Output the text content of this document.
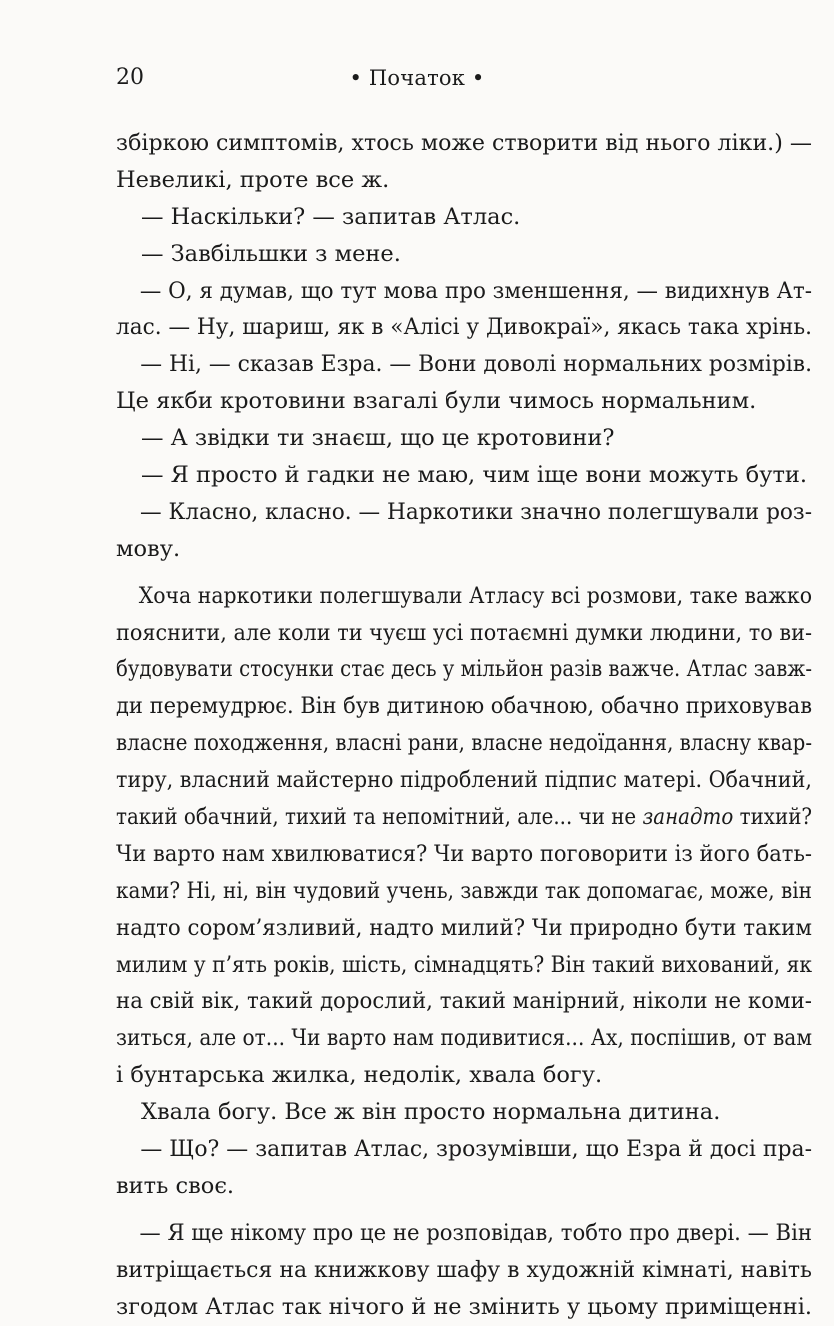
20	• Початок •
збіркою симптомів, хтось може створити від нього ліки.) —
Невеликі, проте все ж.
— Наскільки? — запитав Атлас.
— Завбільшки з мене.
— О, я думав, що тут мова про зменшення, — видихнув Ат-
лас. — Ну, шариш, як в «Алісі у Дивокраї», якась така хрінь.
— Ні, — сказав Езра. — Вони доволі нормальних розмірів.
Це якби кротовини взагалі були чимось нормальним.
— А звідки ти знаєш, що це кротовини?
— Я просто й гадки не маю, чим іще вони можуть бути.
— Класно, класно. — Наркотики значно полегшували роз-
мову.
Хоча наркотики полегшували Атласу всі розмови, таке важко
пояснити, але коли ти чуєш усі потаємні думки людини, то ви-
будовувати стосунки стає десь у мільйон разів важче. Атлас завж-
ди перемудрює. Він був дитиною обачною, обачно приховував
власне походження, власні рани, власне недоїдання, власну квар-
тиру, власний майстерно підроблений підпис матері. Обачний,
такий обачний, тихий та непомітний, але... чи не занадто тихий?
Чи варто нам хвилюватися? Чи варто поговорити із його бать-
ками? Ні, ні, він чудовий учень, завжди так допомагає, може, він
надто сором’язливий, надто милий? Чи природно бути таким
милим у п’ять років, шість, сімнадцять? Він такий вихований, як
на свій вік, такий дорослий, такий манірний, ніколи не коми-
зиться, але от... Чи варто нам подивитися... Ах, поспішив, от вам
і бунтарська жилка, недолік, хвала богу.
Хвала богу. Все ж він просто нормальна дитина.
— Що? — запитав Атлас, зрозумівши, що Езра й досі пра-
вить своє.
— Я ще нікому про це не розповідав, тобто про двері. — Він
витріщається на книжкову шафу в художній кімнаті, навіть
згодом Атлас так нічого й не змінить у цьому приміщенні.
